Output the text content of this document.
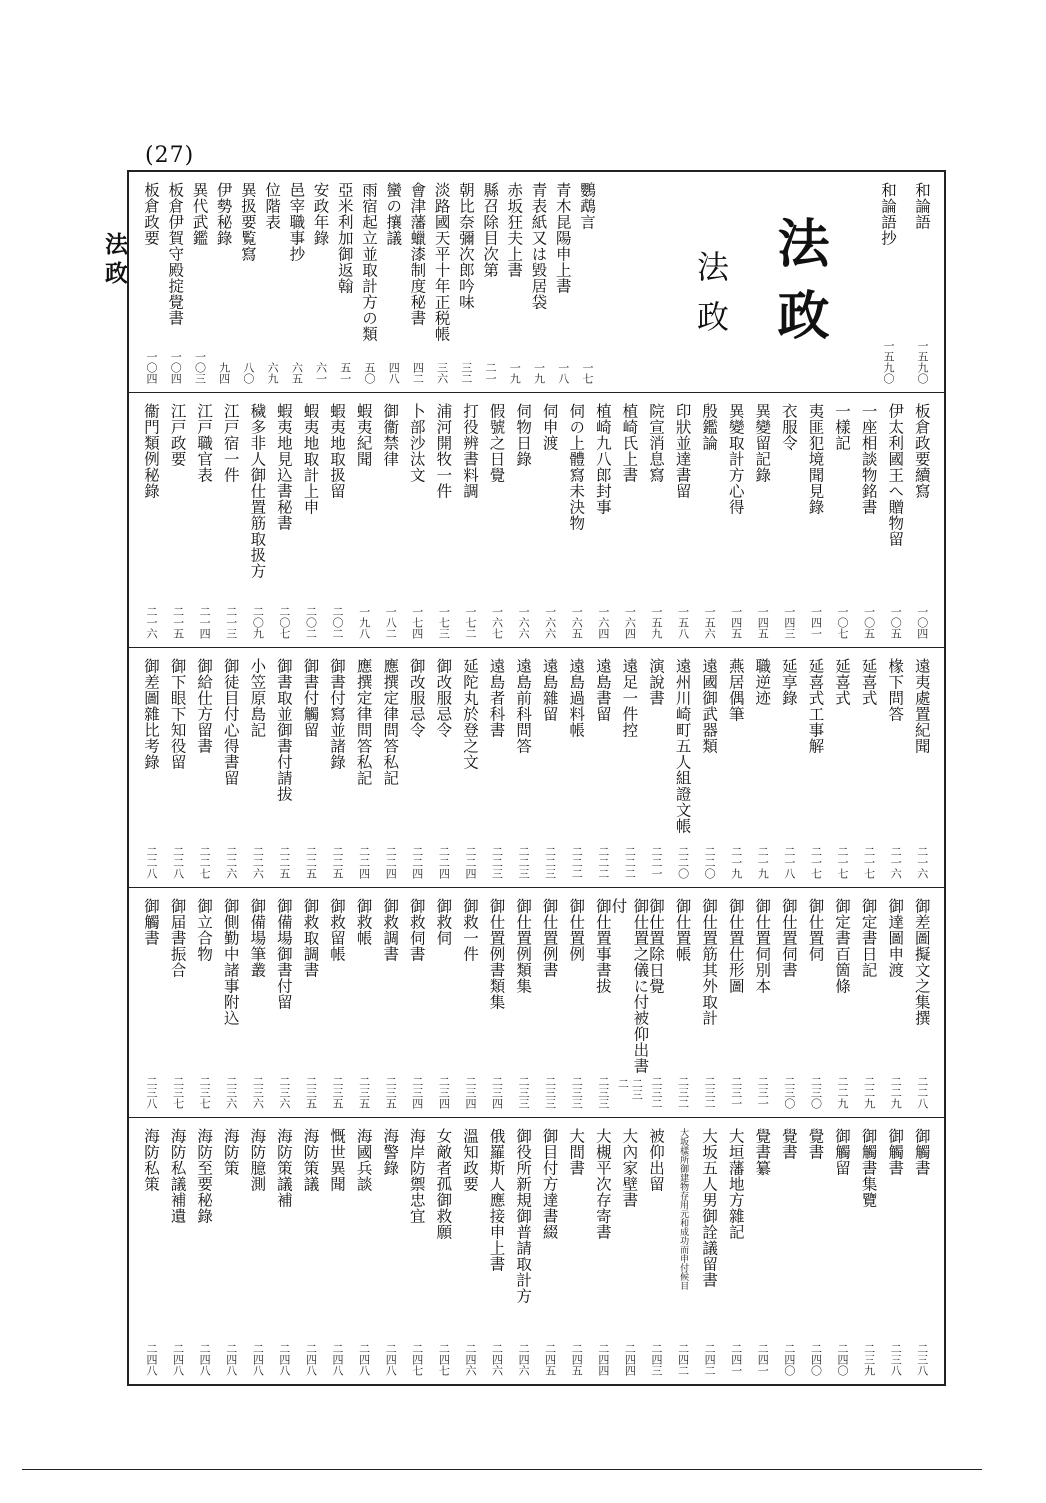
(27)
法政	法政
法政
和論語
一五九〇
和論語抄
一五九〇
鸚鵡言
一七
青木昆陽申上書
一八
青表紙又は毀居袋
一九
赤坂狂夫上書
一九
縣召除目次第
二一
朝比奈彌次郎吟味
三二
淡路國天平十年正税帳
三六
會津藩蠟漆制度秘書
四二
蠻の攘議
四八
雨宿起立並取計方の類
五〇
亞米利加御返翰
五一
安政年錄
六一
邑宰職事抄
六五
位階表
六九
異扱要覧寫
八〇
伊勢秘錄
九四
異代武鑑
一〇三
板倉伊賀守殿掟覺書
一〇四
板倉政要
一〇四
板倉政要續寫
一〇四
伊太利國王へ贈物留
一〇五
一座相談物銘書
一〇五
一樣記
一〇七
夷匪犯境聞見錄
一四一
衣服令
一四三
異變留記錄
一四五
異變取計方心得
一四五
殷鑑論
一五六
印狀並達書留
一五八
院宣消息寫
一五九
植崎氏上書
一六四
植崎九八郎封事
一六四
伺の上體寫未決物
一六五
伺申渡
一六六
伺物日錄
一六六
假號之日覺
一六七
打役辨書料調
一七二
浦河開牧一件
一七三
卜部沙汰文
一七四
御衞禁律
一八二
蝦夷紀聞
一九八
蝦夷地取扱留
二〇二
蝦夷地取計上申
二〇二
蝦夷地見込書秘書
二〇七
穢多非人御仕置筋取扱方
二〇九
江戸宿一件
二一三
江戸職官表
二一四
江戸政要
二一五
衞門類例秘錄
二一六
遠夷處置紀聞
二一六
椽下問答
二一六
延喜式
二一七
延喜式
二一七
延喜式工事解
二一七
延享錄
二一八
職逆迹
二一九
燕居偶筆
二一九
遠國御武器類
二二〇
遠州川崎町五人組證文帳
二二〇
演說書
二二一
遠足一件控
二二二
遠島書留
二二二
遠島過料帳
二二二
遠島雜留
二二三
遠島前科問答
二二三
遠島者科書
二二三
延陀丸於登之文
二二四
御改服忌令
二二四
御改服忌令
二二四
應撰定律問答私記
二二四
應撰定律問答私記
二二四
御書付寫並諸錄
二二五
御書付觸留
二二五
御書取並御書付請拔
二二五
小笠原島記
二二六
御徒目付心得書留
二二六
御給仕方留書
二二七
御下眼下知役留
二二八
御差圖雜比考錄
二二八
御差圖擬文之集撰
二二八
御達圖申渡
二二九
御定書日記
二二九
御定書百箇條
二二九
御仕置伺
二三〇
御仕置伺書
二三〇
御仕置伺別本
二三一
御仕置仕形圖
二三一
御仕置筋其外取計
二三二
御仕置帳
二三二
御仕置除日覺
二三二
御仕置之儀に付被仰出書付
二三二
御仕置事書拔
二三三
御仕置例
二三三
御仕置例書
二三三
御仕置例類集
二三三
御仕置例書類集
二三四
御救一件
二三四
御救伺
二三四
御救伺書
二三四
御救調書
二三五
御救帳
二三五
御救留帳
二三五
御救取調書
二三五
御備場御書付留
二三六
御備場筆叢
二三六
御側勤中諸事附込
二三六
御立合物
二三七
御届書振合
二三七
御觸書
二三八
御觸書
二三八
御觸書
二三八
御觸書集覽
二三九
御觸留
二四〇
覺書
二四〇
覺書
二四〇
覺書纂
二四一
大垣藩地方雜記
二四一
大坂五人男御詮議留書
二四二
大坂樣所御建物存用元和成功而申付候目
二四二
被仰出留
二四三
大內家壁書
二四四
大槻平次存寄書
二四四
大間書
二四五
御目付方達書綴
二四五
御役所新規御普請取計方
二四六
俄羅斯人應接申上書
二四六
溫知政要
二四六
女敵者孤御救願
二四七
海岸防禦忠宜
二四七
海警錄
二四八
海國兵談
二四八
慨世異聞
二四八
海防策議
二四八
海防策議補
二四八
海防臆測
二四八
海防策
二四八
海防至要秘錄
二四八
海防私議補遺
二四八
海防私策
二四八
